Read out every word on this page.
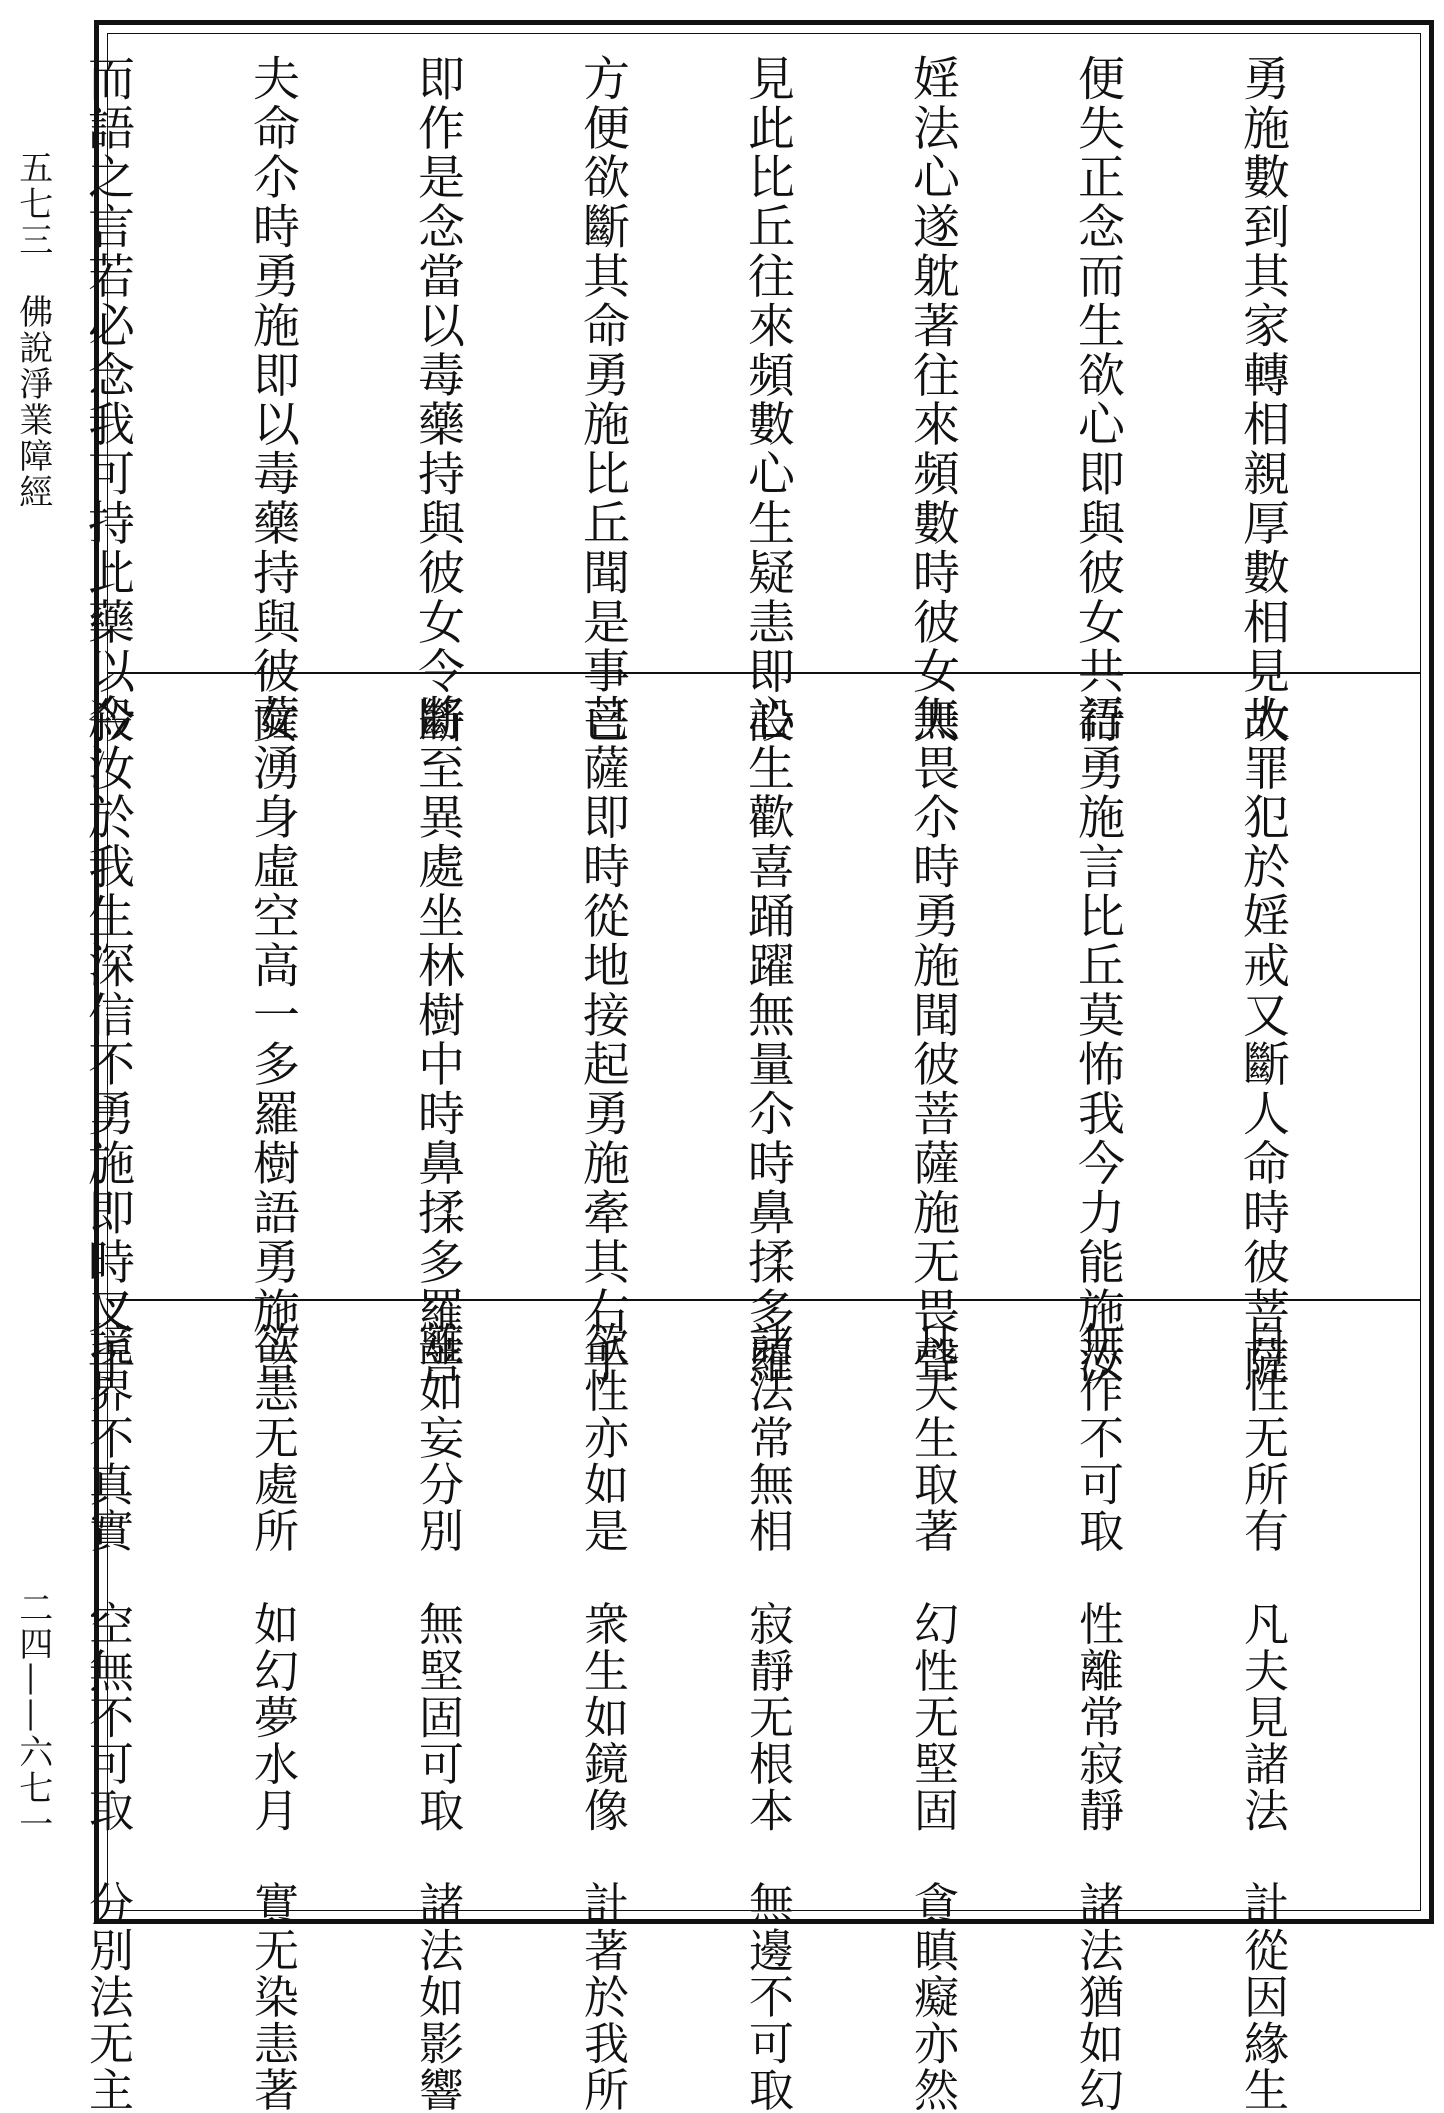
五七三　佛說淨業障經
二四——六七一

勇施數到其家轉相親厚數相見故

便失正念而生欲心即與彼女共行

婬法心遂躭著往來頻數時彼女夫

見此比丘往來頻數心生疑恚即設

方便欲斷其命勇施比丘聞是事已

即作是念當以毒藥持與彼女令斷

夫命尒時勇施即以毒藥持與彼女

而語之言若必念我可持此藥以殺

大罪犯於婬戒又斷人命時彼菩薩

語勇施言比丘莫怖我今力能施汝

無畏尒時勇施聞彼菩薩施无畏聲

心生歡喜踊躍無量尒時鼻揉多羅

菩薩即時從地接起勇施牽其右手

將至異處坐林樹中時鼻揉多羅菩

薩湧身虛空高一多羅樹語勇施言

今汝於我生深信不勇施即時叉手

自性无所有　凡夫見諸法　計從因緣生

無作不可取　性離常寂靜　諸法猶如幻

凡夫生取著　幻性无堅固　貪瞋癡亦然

諸法常無相　寂靜无根本　無邊不可取

欲性亦如是　衆生如鏡像　計著於我所

離如妄分別　無堅固可取　諸法如影響

欲恚无處所　如幻夢水月　實无染恚著

境界不真實　空無不可取　分別法无主
